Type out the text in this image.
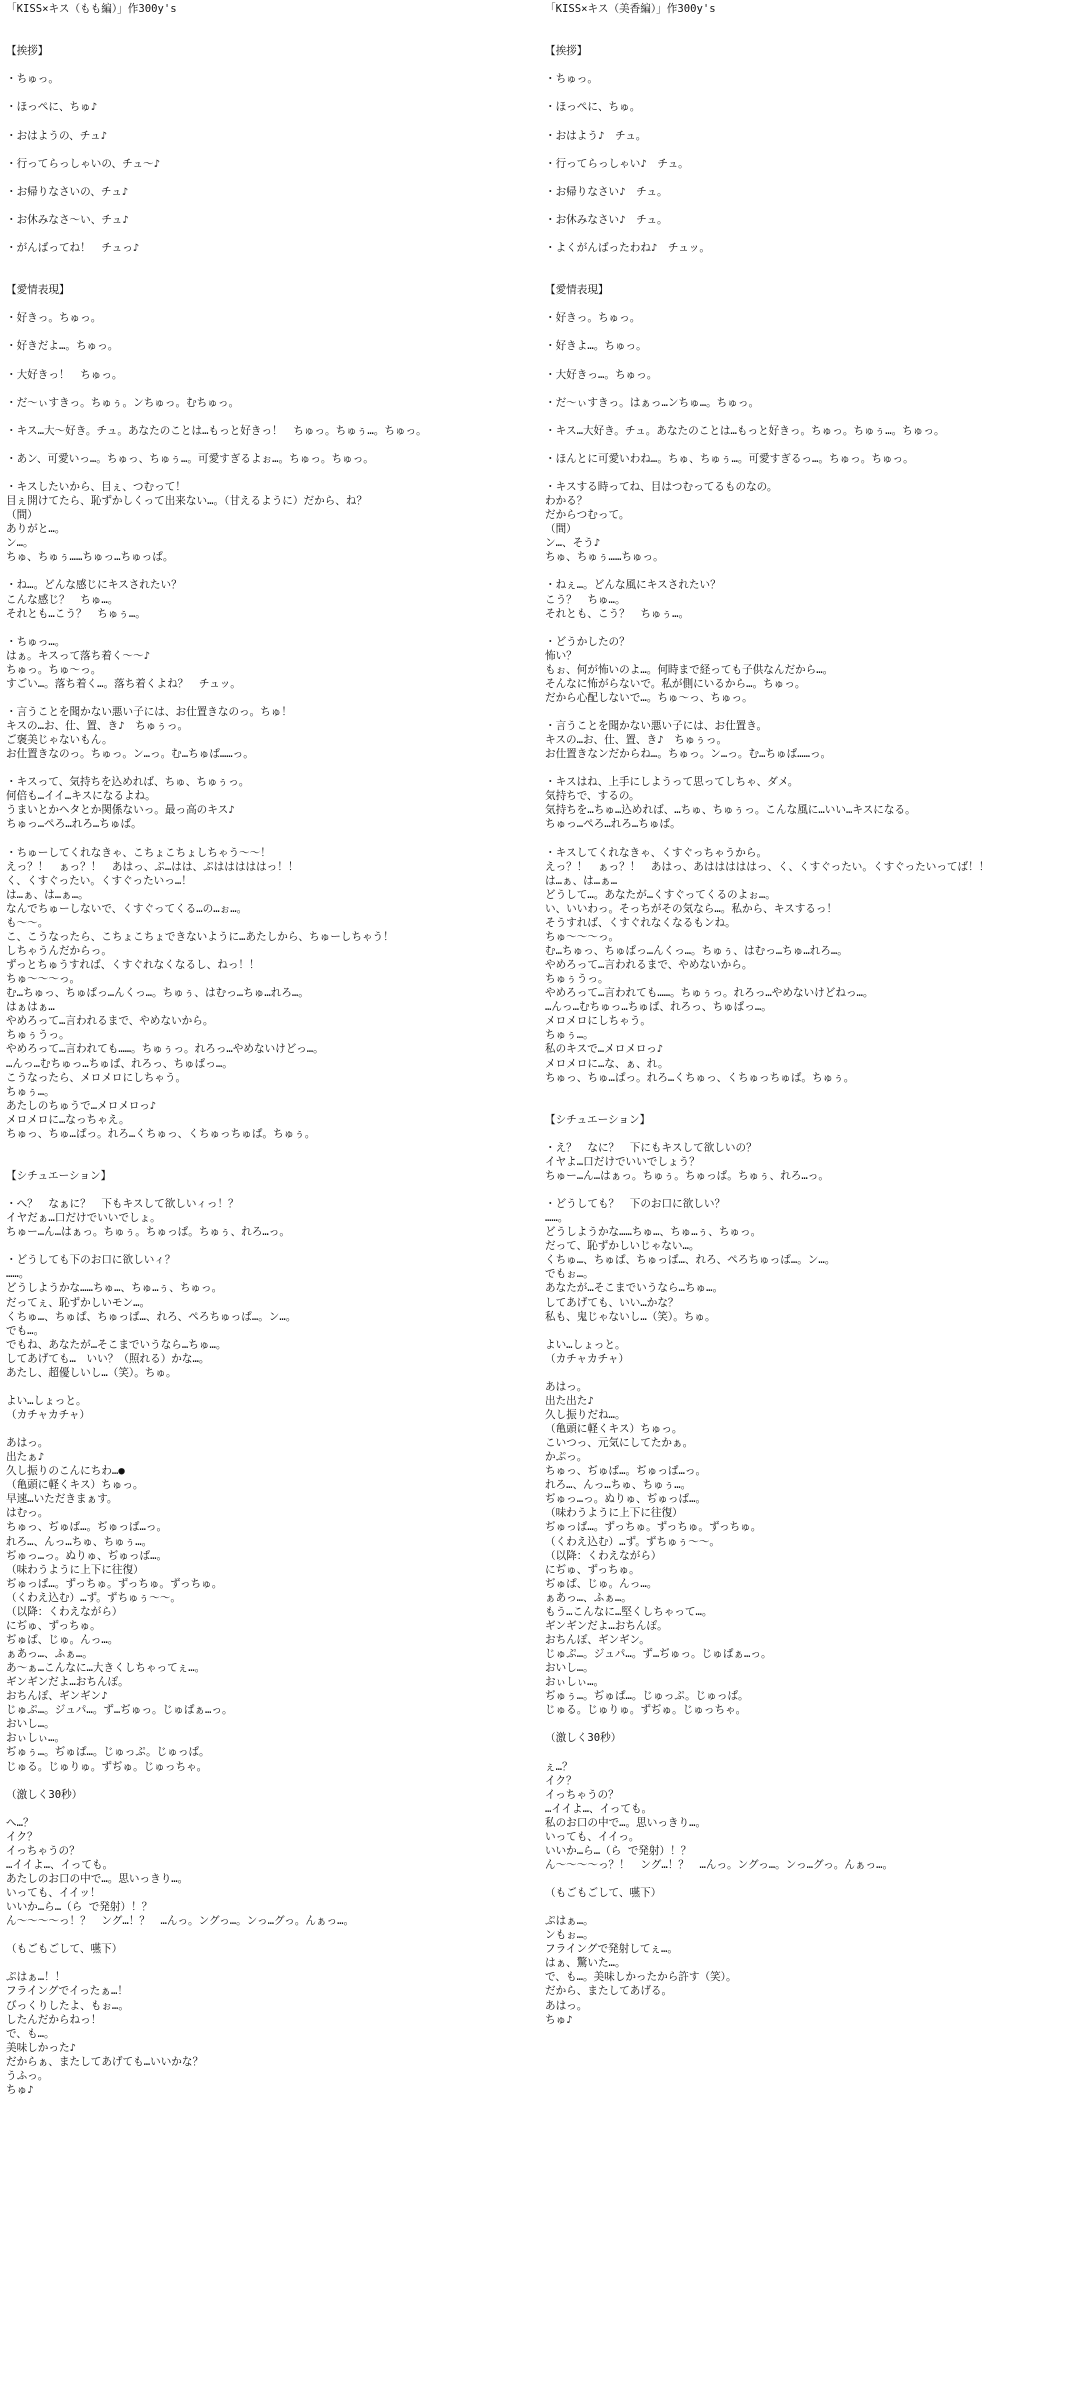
「KISS×キス（もも編）」作300y's
【挨拶】
・ちゅっ。
・ほっぺに、ちゅ♪
・おはようの、チュ♪
・行ってらっしゃいの、チュ〜♪
・お帰りなさいの、チュ♪
・お休みなさ〜い、チュ♪
・がんばってね！　チュっ♪
【愛情表現】
・好きっ。ちゅっ。
・好きだよ…。ちゅっ。
・大好きっ！　ちゅっ。
・だ〜ぃすきっ。ちゅぅ。ンちゅっ。むちゅっ。
・キス…大〜好き。チュ。あなたのことは…もっと好きっ！　ちゅっ。ちゅぅ…。ちゅっ。
・あン、可愛いっ…。ちゅっ、ちゅぅ…。可愛すぎるよぉ…。ちゅっ。ちゅっ。
・キスしたいから、目ぇ、つむって！
目ぇ開けてたら、恥ずかしくって出来ない…。（甘えるように）だから、ね？
（間）
ありがと…。
ン…。
ちゅ、ちゅぅ……ちゅっ…ちゅっぱ。
・ね…。どんな感じにキスされたい？
こんな感じ？　ちゅ…。
それとも…こう？　ちゅぅ…。
・ちゅっ…。
はぁ。キスって落ち着く〜〜♪
ちゅっ。ちゅ〜っ。
すごい…。落ち着く…。落ち着くよね？　チュッ。
・言うことを聞かない悪い子には、お仕置きなのっ。ちゅ！
キスの…お、仕、置、き♪　ちゅぅっ。
ご褒美じゃないもん。
お仕置きなのっ。ちゅっ。ン…っ。む…ちゅぱ……っ。
・キスって、気持ちを込めれば、ちゅ、ちゅぅっ。
何倍も…イイ…キスになるよね。
うまいとかヘタとか関係ないっ。最っ高のキス♪
ちゅっ…ぺろ…れろ…ちゅぱ。
・ちゅーしてくれなきゃ、こちょこちょしちゃう〜〜！
えっ？！　ぁっ？！　あはっ、ぷ…はは、ぷはははははっ！！
く、くすぐったい。くすぐったいっ…！
は…ぁ、は…ぁ…。
なんでちゅーしないで、くすぐってくる…の…ぉ…。
も〜〜。
こ、こうなったら、こちょこちょできないように…あたしから、ちゅーしちゃう！
しちゃうんだからっ。
ずっとちゅうすれば、くすぐれなくなるし、ねっ！！
ちゅ〜〜〜っ。
む…ちゅっ、ちゅぱっ…んくっ…。ちゅぅ、はむっ…ちゅ…れろ…。
はぁはぁ…
やめろって…言われるまで、やめないから。
ちゅぅうっ。
やめろって…言われても……。ちゅぅっ。れろっ…やめないけどっ…。
…んっ…むちゅっ…ちゅぱ、れろっ、ちゅぱっ…。
こうなったら、メロメロにしちゃう。
ちゅぅ…。
あたしのちゅうで…メロメロっ♪
メロメロに…なっちゃえ。
ちゅっ、ちゅ…ぱっ。れろ…くちゅっ、くちゅっちゅぱ。ちゅぅ。
【シチュエーション】
・へ？　なぁに？　下もキスして欲しいィっ！？
イヤだぁ…口だけでいいでしょ。
ちゅー…ん…はぁっ。ちゅぅ。ちゅっぱ。ちゅぅ、れろ…っ。
・どうしても下のお口に欲しいィ？
……。
どうしようかな……ちゅ…、ちゅ…ぅ、ちゅっ。
だってぇ、恥ずかしいモン…。
くちゅ…、ちゅぱ、ちゅっぱ…、れろ、ぺろちゅっぱ…。ン…。
でも…。
でもね、あなたが…そこまでいうなら…ちゅ…。
してあげても…　いい？（照れる）かな…。
あたし、超優しいし…（笑）。ちゅ。
よい…しょっと。
（カチャカチャ）
あはっ。
出たぁ♪
久し振りのこんにちわ…●
（亀頭に軽くキス）ちゅっ。
早速…いただきまぁす。
はむっ。
ちゅっ、ぢゅぱ…。ぢゅっぱ…っ。
れろ…、んっ…ちゅ、ちゅぅ…。
ぢゅっ…っ。ぬりゅ、ぢゅっぱ…。
（味わうように上下に往復）
ぢゅっぱ…。ずっちゅ。ずっちゅ。ずっちゅ。
（くわえ込む）…ず。ずちゅぅ〜〜。
（以降：くわえながら）
にぢゅ、ずっちゅ。
ぢゅぱ、じゅ。んっ…。
ぁあっ…、ふぁ…。
あ〜ぁ…こんなに…大きくしちゃってぇ…。
ギンギンだよ…おちんぽ。
おちんぽ、ギンギン♪
じゅぷ…。ジュパ…。ず…ぢゅっ。じゅぱぁ…っ。
おいし…。
おぃしぃ…。
ぢゅぅ…。ぢゅぱ…。じゅっぷ。じゅっぱ。
じゅる。じゅりゅ。ずぢゅ。じゅっちゃ。
（激しく30秒）
へ…？
イク？
イっちゃうの？
…イイよ…、イっても。
あたしのお口の中で…。思いっきり…。
いっても、イイッ！
いいか…ら…（ら で発射）！？
ん〜〜〜〜っ！？　ング…！？　…んっ。ングっ…。ンっ…グっ。んぁっ…。
（もごもごして、嚥下）
ぷはぁ…！！
フライングでイったぁ…！
びっくりしたよ、もぉ…。
したんだからねっ！
で、も…。
美味しかった♪
だからぁ、またしてあげても…いいかな？
うふっ。
ちゅ♪
「KISS×キス（美香編）」作300y's
【挨拶】
・ちゅっ。
・ほっぺに、ちゅ。
・おはよう♪　チュ。
・行ってらっしゃい♪　チュ。
・お帰りなさい♪　チュ。
・お休みなさい♪　チュ。
・よくがんばったわね♪　チュッ。
【愛情表現】
・好きっ。ちゅっ。
・好きよ…。ちゅっ。
・大好きっ…。ちゅっ。
・だ〜ぃすきっ。はぁっ…ンちゅ…。ちゅっ。
・キス…大好き。チュ。あなたのことは…もっと好きっ。ちゅっ。ちゅぅ…。ちゅっ。
・ほんとに可愛いわね…。ちゅ、ちゅぅ…。可愛すぎるっ…。ちゅっ。ちゅっ。
・キスする時ってね、目はつむってるものなの。
わかる？
だからつむって。
（間）
ン…、そう♪
ちゅ、ちゅぅ……ちゅっ。
・ねぇ…。どんな風にキスされたい？
こう？　ちゅ…。
それとも、こう？　ちゅぅ…。
・どうかしたの？
怖い？
もぉ、何が怖いのよ…。何時まで経っても子供なんだから…。
そんなに怖がらないで。私が側にいるから…。ちゅっ。
だから心配しないで…。ちゅ〜っ、ちゅっ。
・言うことを聞かない悪い子には、お仕置き。
キスの…お、仕、置、き♪　ちゅぅっ。
お仕置きなンだからね…。ちゅっ。ン…っ。む…ちゅぱ……っ。
・キスはね、上手にしようって思ってしちゃ、ダメ。
気持ちで、するの。
気持ちを…ちゅ…込めれば、…ちゅ、ちゅぅっ。こんな風に…いい…キスになる。
ちゅっ…ぺろ…れろ…ちゅぱ。
・キスしてくれなきゃ、くすぐっちゃうから。
えっ？！　ぁっ？！　あはっ、あはははははっ、く、くすぐったい。くすぐったいってば！！
は…ぁ、は…ぁ…
どうして…。あなたが…くすぐってくるのよぉ…。
い、いいわっ。そっちがその気なら…。私から、キスするっ！
そうすれば、くすぐれなくなるもンね。
ちゅ〜〜〜っ。
む…ちゅっ、ちゅぱっ…んくっ…。ちゅぅ、はむっ…ちゅ…れろ…。
やめろって…言われるまで、やめないから。
ちゅぅうっ。
やめろって…言われても……。ちゅぅっ。れろっ…やめないけどねっ…。
…んっ…むちゅっ…ちゅぱ、れろっ、ちゅぱっ…。
メロメロにしちゃう。
ちゅぅ…。
私のキスで…メロメロっ♪
メロメロに…な、ぁ、れ。
ちゅっ、ちゅ…ぱっ。れろ…くちゅっ、くちゅっちゅぱ。ちゅぅ。
【シチュエーション】
・え？　なに？　下にもキスして欲しいの？
イヤよ…口だけでいいでしょう？
ちゅー…ん…はぁっ。ちゅぅ。ちゅっぱ。ちゅぅ、れろ…っ。
・どうしても？　下のお口に欲しい？
……。
どうしようかな……ちゅ…、ちゅ…ぅ、ちゅっ。
だって、恥ずかしいじゃない…。
くちゅ…、ちゅぱ、ちゅっぱ…、れろ、ぺろちゅっぱ…。ン…。
でもぉ…。
あなたが…そこまでいうなら…ちゅ…。
してあげても、いい…かな？
私も、鬼じゃないし…（笑）。ちゅ。
よい…しょっと。
（カチャカチャ）
あはっ。
出た出た♪
久し振りだね…。
（亀頭に軽くキス）ちゅっ。
こいつっ、元気にしてたかぁ。
かぷっ。
ちゅっ、ぢゅぱ…。ぢゅっぱ…っ。
れろ…、んっ…ちゅ、ちゅぅ…。
ぢゅっ…っ。ぬりゅ、ぢゅっぱ…。
（味わうように上下に往復）
ぢゅっぱ…。ずっちゅ。ずっちゅ。ずっちゅ。
（くわえ込む）…ず。ずちゅぅ〜〜。
（以降：くわえながら）
にぢゅ、ずっちゅ。
ぢゅぱ、じゅ。んっ…。
ぁあっ…、ふぁ…。
もう…こんなに…堅くしちゃって…。
ギンギンだよ…おちんぽ。
おちんぽ、ギンギン。
じゅぷ…。ジュパ…。ず…ぢゅっ。じゅぱぁ…っ。
おいし…。
おぃしぃ…。
ぢゅぅ…。ぢゅぱ…。じゅっぷ。じゅっぱ。
じゅる。じゅりゅ。ずぢゅ。じゅっちゃ。
（激しく30秒）
ぇ…？
イク？
イっちゃうの？
…イイよ…、イっても。
私のお口の中で…。思いっきり…。
いっても、イイっ。
いいか…ら…（ら で発射）！？
ん〜〜〜〜っ？！　ング…！？　…んっ。ングっ…。ンっ…グっ。んぁっ…。
（もごもごして、嚥下）
ぷはぁ…。
ンもぉ…。
フライングで発射してぇ…。
はぁ、驚いた…。
で、も…。美味しかったから許す（笑）。
だから、またしてあげる。
あはっ。
ちゅ♪
